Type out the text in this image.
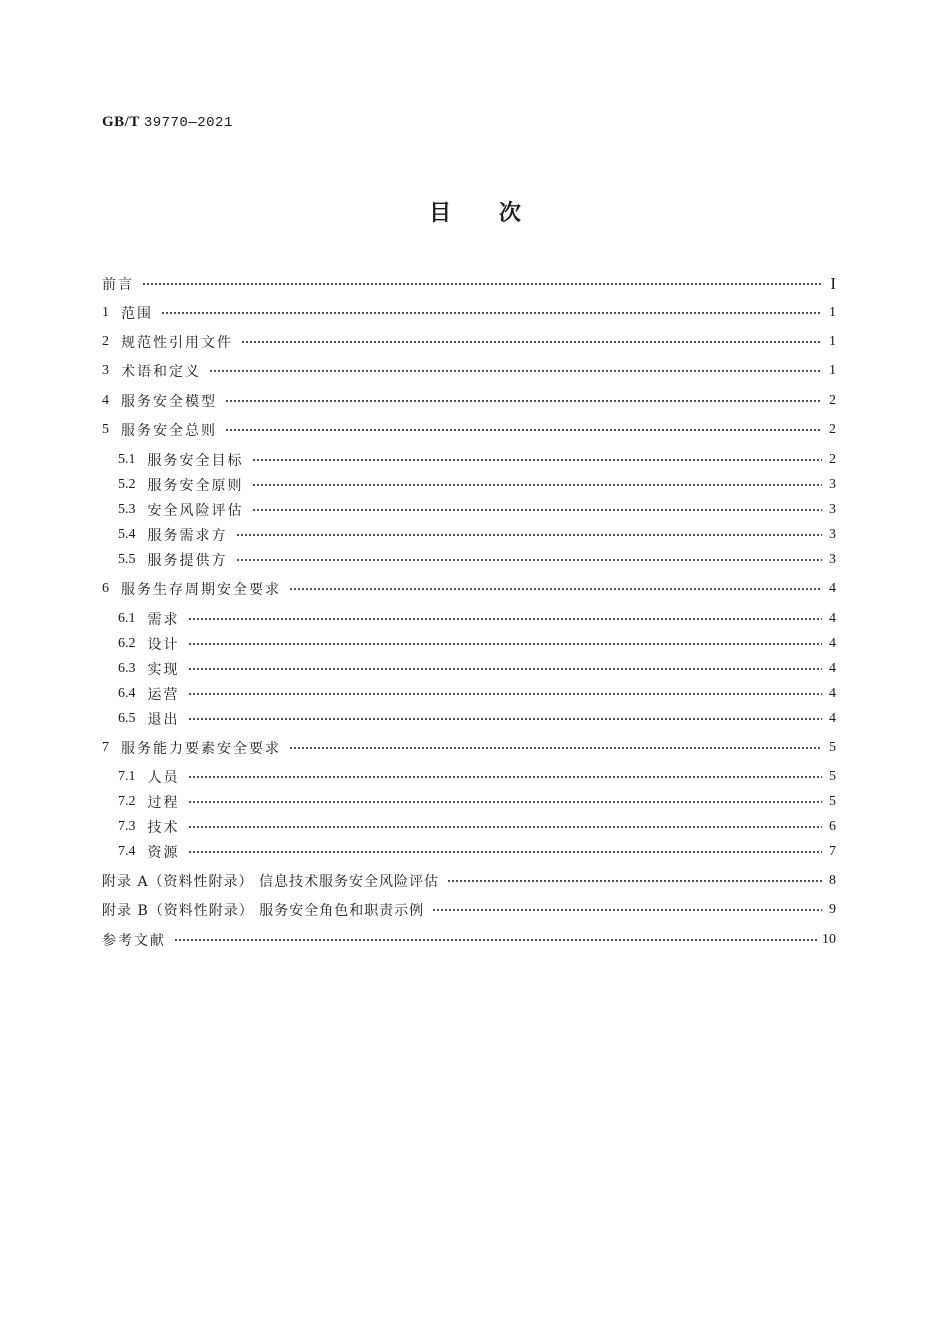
GB/T 39770—2021
目 次
前言	I
1 范围	1
2 规范性引用文件	1
3 术语和定义	1
4 服务安全模型	2
5 服务安全总则	2
5.1 服务安全目标	2
5.2 服务安全原则	3
5.3 安全风险评估	3
5.4 服务需求方	3
5.5 服务提供方	3
6 服务生存周期安全要求	4
6.1 需求	4
6.2 设计	4
6.3 实现	4
6.4 运营	4
6.5 退出	4
7 服务能力要素安全要求	5
7.1 人员	5
7.2 过程	5
7.3 技术	6
7.4 资源	7
附录 A（资料性附录） 信息技术服务安全风险评估	8
附录 B（资料性附录） 服务安全角色和职责示例	9
参考文献	10
